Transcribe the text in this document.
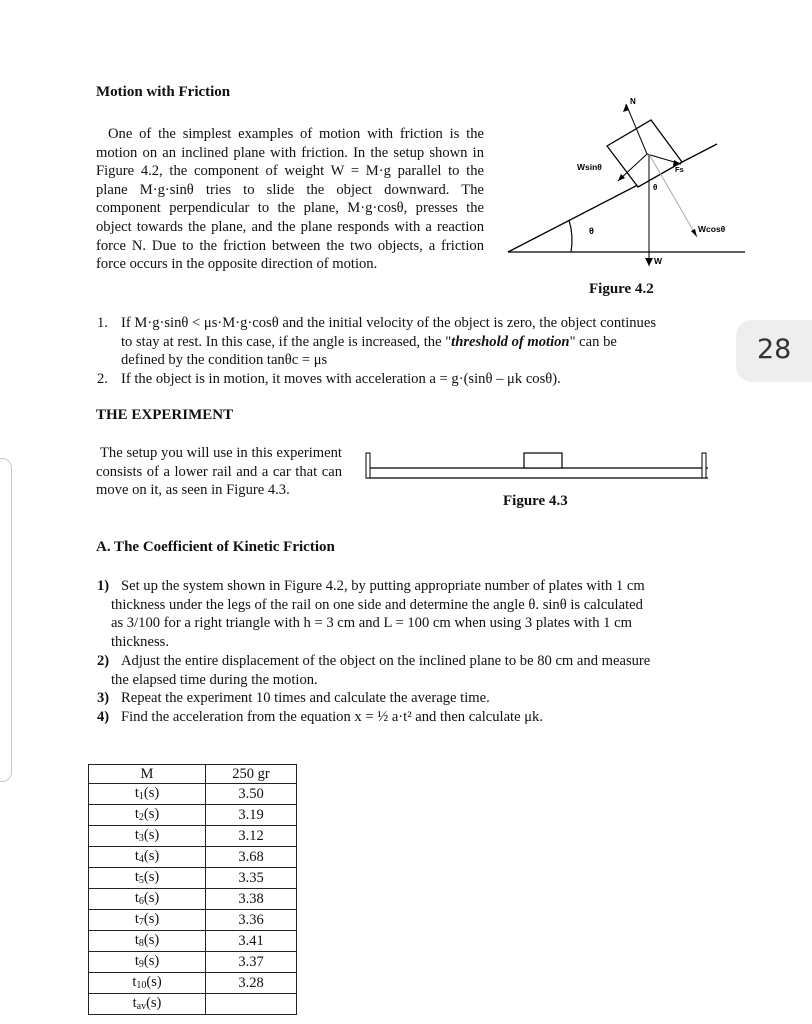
28
Motion with Friction
One of the simplest examples of motion with friction is the motion on an inclined plane with friction. In the setup shown in Figure 4.2, the component of weight W = M·g parallel to the plane M·g·sinθ tries to slide the object downward. The component perpendicular to the plane, M·g·cosθ, presses the object towards the plane, and the plane responds with a reaction force N. Due to the friction between the two objects, a friction force occurs in the opposite direction of motion.
θ
N
Wsinθ	Fs
W
θ
Wcosθ
Figure 4.2
1. If M·g·sinθ < μs·M·g·cosθ and the initial velocity of the object is zero, the object continues
to stay at rest. In this case, if the angle is increased, the "threshold of motion" can be
defined by the condition tanθc = μs
2. If the object is in motion, it moves with acceleration a = g·(sinθ – μk cosθ).
THE EXPERIMENT
The setup you will use in this experiment consists of a lower rail and a car that can move on it, as seen in Figure 4.3.
Figure 4.3
A. The Coefficient of Kinetic Friction
1) Set up the system shown in Figure 4.2, by putting appropriate number of plates with 1 cm
thickness under the legs of the rail on one side and determine the angle θ. sinθ is calculated
as 3/100 for a right triangle with h = 3 cm and L = 100 cm when using 3 plates with 1 cm
thickness.
2) Adjust the entire displacement of the object on the inclined plane to be 80 cm and measure
the elapsed time during the motion.
3) Repeat the experiment 10 times and calculate the average time.
4) Find the acceleration from the equation x = ½ a·t² and then calculate μk.
M	250 gr
t1(s)	3.50
t2(s)	3.19
t3(s)	3.12
t4(s)	3.68
t5(s)	3.35
t6(s)	3.38
t7(s)	3.36
t8(s)	3.41
t9(s)	3.37
t10(s)	3.28
tav(s)	
